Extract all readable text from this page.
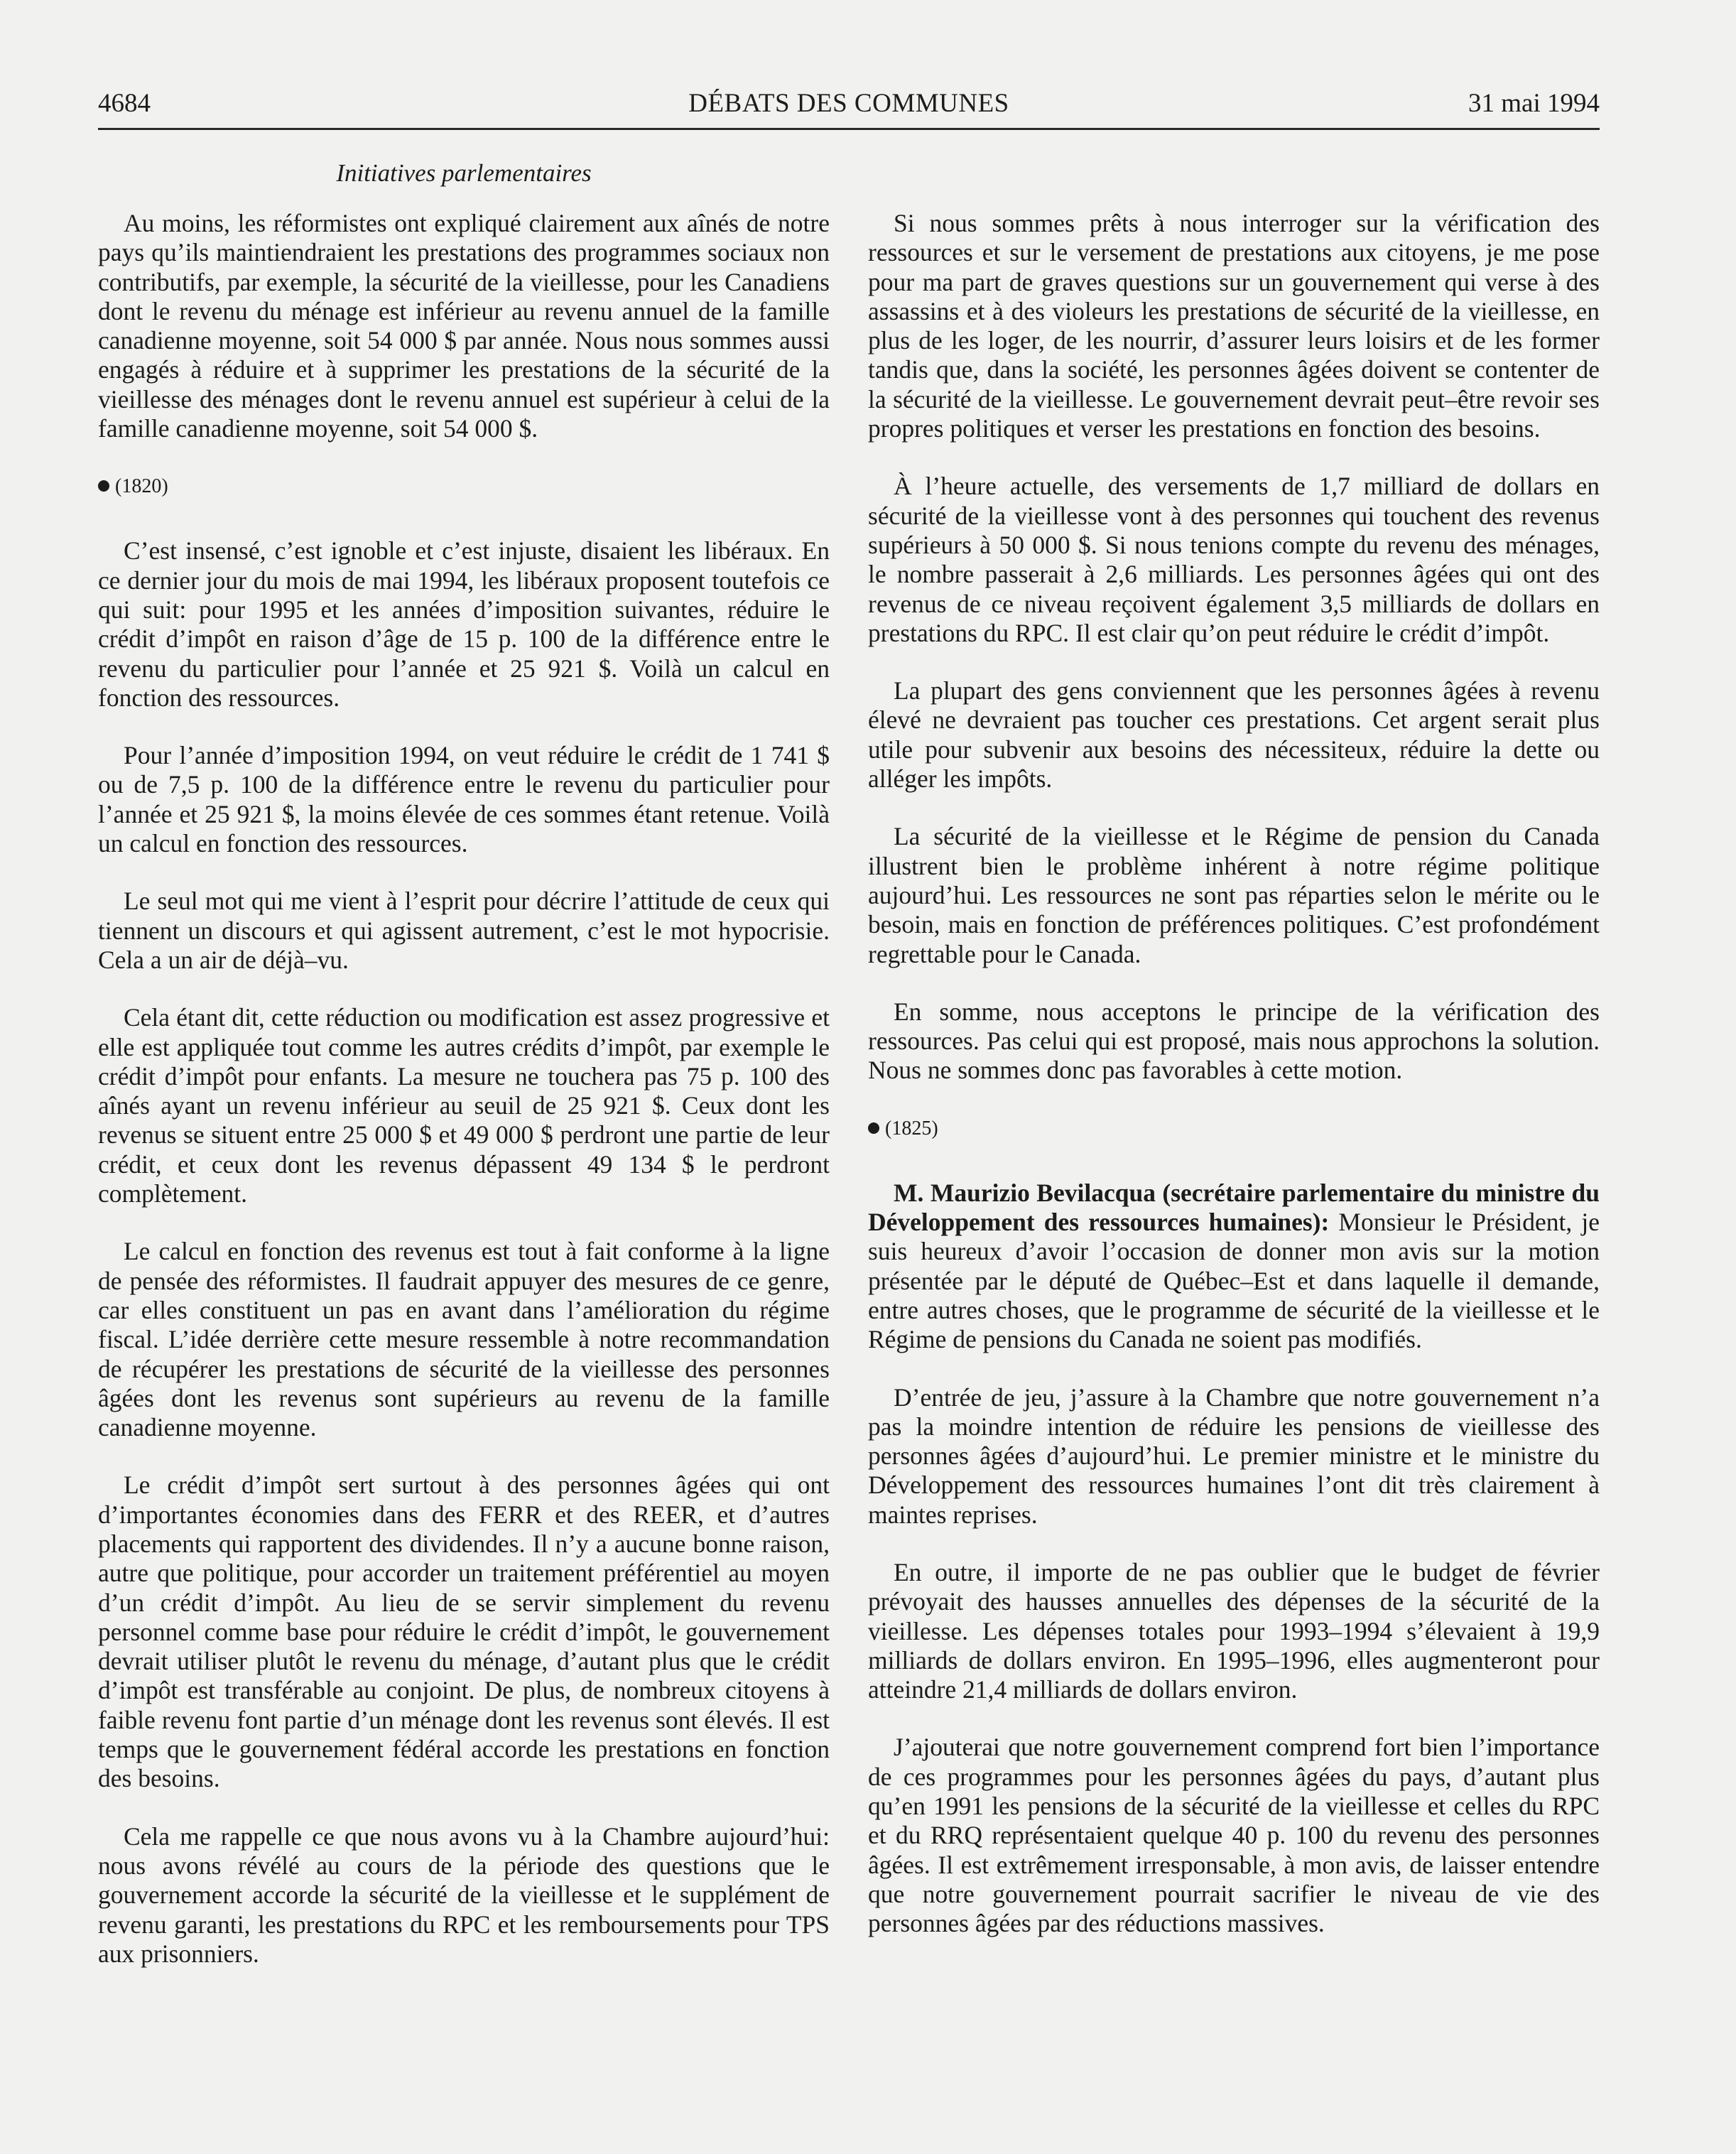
4684	DÉBATS DES COMMUNES	31 mai 1994
Initiatives parlementaires

Au moins, les réformistes ont expliqué clairement aux aînés de notre pays qu’ils maintiendraient les prestations des programmes sociaux non contributifs, par exemple, la sécurité de la vieillesse, pour les Canadiens dont le revenu du ménage est inférieur au revenu annuel de la famille canadienne moyenne, soit 54 000 $ par année. Nous nous sommes aussi engagés à réduire et à supprimer les prestations de la sécurité de la vieillesse des ménages dont le revenu annuel est supérieur à celui de la famille canadienne moyenne, soit 54 000 $.

(1820)

C’est insensé, c’est ignoble et c’est injuste, disaient les libéraux. En ce dernier jour du mois de mai 1994, les libéraux proposent toutefois ce qui suit: pour 1995 et les années d’imposition suivantes, réduire le crédit d’impôt en raison d’âge de 15 p. 100 de la différence entre le revenu du particulier pour l’année et 25 921 $. Voilà un calcul en fonction des ressources.

Pour l’année d’imposition 1994, on veut réduire le crédit de 1 741 $ ou de 7,5 p. 100 de la différence entre le revenu du particulier pour l’année et 25 921 $, la moins élevée de ces sommes étant retenue. Voilà un calcul en fonction des ressources.

Le seul mot qui me vient à l’esprit pour décrire l’attitude de ceux qui tiennent un discours et qui agissent autrement, c’est le mot hypocrisie. Cela a un air de déjà–vu.

Cela étant dit, cette réduction ou modification est assez progressive et elle est appliquée tout comme les autres crédits d’impôt, par exemple le crédit d’impôt pour enfants. La mesure ne touchera pas 75 p. 100 des aînés ayant un revenu inférieur au seuil de 25 921 $. Ceux dont les revenus se situent entre 25 000 $ et 49 000 $ perdront une partie de leur crédit, et ceux dont les revenus dépassent 49 134 $ le perdront complètement.

Le calcul en fonction des revenus est tout à fait conforme à la ligne de pensée des réformistes. Il faudrait appuyer des mesures de ce genre, car elles constituent un pas en avant dans l’amélioration du régime fiscal. L’idée derrière cette mesure ressemble à notre recommandation de récupérer les prestations de sécurité de la vieillesse des personnes âgées dont les revenus sont supérieurs au revenu de la famille canadienne moyenne.

Le crédit d’impôt sert surtout à des personnes âgées qui ont d’importantes économies dans des FERR et des REER, et d’autres placements qui rapportent des dividendes. Il n’y a aucune bonne raison, autre que politique, pour accorder un traitement préférentiel au moyen d’un crédit d’impôt. Au lieu de se servir simplement du revenu personnel comme base pour réduire le crédit d’impôt, le gouvernement devrait utiliser plutôt le revenu du ménage, d’autant plus que le crédit d’impôt est transférable au conjoint. De plus, de nombreux citoyens à faible revenu font partie d’un ménage dont les revenus sont élevés. Il est temps que le gouvernement fédéral accorde les prestations en fonction des besoins.

Cela me rappelle ce que nous avons vu à la Chambre aujourd’hui: nous avons révélé au cours de la période des questions que le gouvernement accorde la sécurité de la vieillesse et le supplément de revenu garanti, les prestations du RPC et les remboursements pour TPS aux prisonniers.

Si nous sommes prêts à nous interroger sur la vérification des ressources et sur le versement de prestations aux citoyens, je me pose pour ma part de graves questions sur un gouvernement qui verse à des assassins et à des violeurs les prestations de sécurité de la vieillesse, en plus de les loger, de les nourrir, d’assurer leurs loisirs et de les former tandis que, dans la société, les personnes âgées doivent se contenter de la sécurité de la vieillesse. Le gouvernement devrait peut–être revoir ses propres politiques et verser les prestations en fonction des besoins.

À l’heure actuelle, des versements de 1,7 milliard de dollars en sécurité de la vieillesse vont à des personnes qui touchent des revenus supérieurs à 50 000 $. Si nous tenions compte du revenu des ménages, le nombre passerait à 2,6 milliards. Les personnes âgées qui ont des revenus de ce niveau reçoivent également 3,5 milliards de dollars en prestations du RPC. Il est clair qu’on peut réduire le crédit d’impôt.

La plupart des gens conviennent que les personnes âgées à revenu élevé ne devraient pas toucher ces prestations. Cet argent serait plus utile pour subvenir aux besoins des nécessiteux, réduire la dette ou alléger les impôts.

La sécurité de la vieillesse et le Régime de pension du Canada illustrent bien le problème inhérent à notre régime politique aujourd’hui. Les ressources ne sont pas réparties selon le mérite ou le besoin, mais en fonction de préférences politiques. C’est profondément regrettable pour le Canada.

En somme, nous acceptons le principe de la vérification des ressources. Pas celui qui est proposé, mais nous approchons la solution. Nous ne sommes donc pas favorables à cette motion.

(1825)

M. Maurizio Bevilacqua (secrétaire parlementaire du ministre du Développement des ressources humaines): Monsieur le Président, je suis heureux d’avoir l’occasion de donner mon avis sur la motion présentée par le député de Québec–Est et dans laquelle il demande, entre autres choses, que le programme de sécurité de la vieillesse et le Régime de pensions du Canada ne soient pas modifiés.

D’entrée de jeu, j’assure à la Chambre que notre gouvernement n’a pas la moindre intention de réduire les pensions de vieillesse des personnes âgées d’aujourd’hui. Le premier ministre et le ministre du Développement des ressources humaines l’ont dit très clairement à maintes reprises.

En outre, il importe de ne pas oublier que le budget de février prévoyait des hausses annuelles des dépenses de la sécurité de la vieillesse. Les dépenses totales pour 1993–1994 s’élevaient à 19,9 milliards de dollars environ. En 1995–1996, elles augmenteront pour atteindre 21,4 milliards de dollars environ.

J’ajouterai que notre gouvernement comprend fort bien l’importance de ces programmes pour les personnes âgées du pays, d’autant plus qu’en 1991 les pensions de la sécurité de la vieillesse et celles du RPC et du RRQ représentaient quelque 40 p. 100 du revenu des personnes âgées. Il est extrêmement irresponsable, à mon avis, de laisser entendre que notre gouvernement pourrait sacrifier le niveau de vie des personnes âgées par des réductions massives.
